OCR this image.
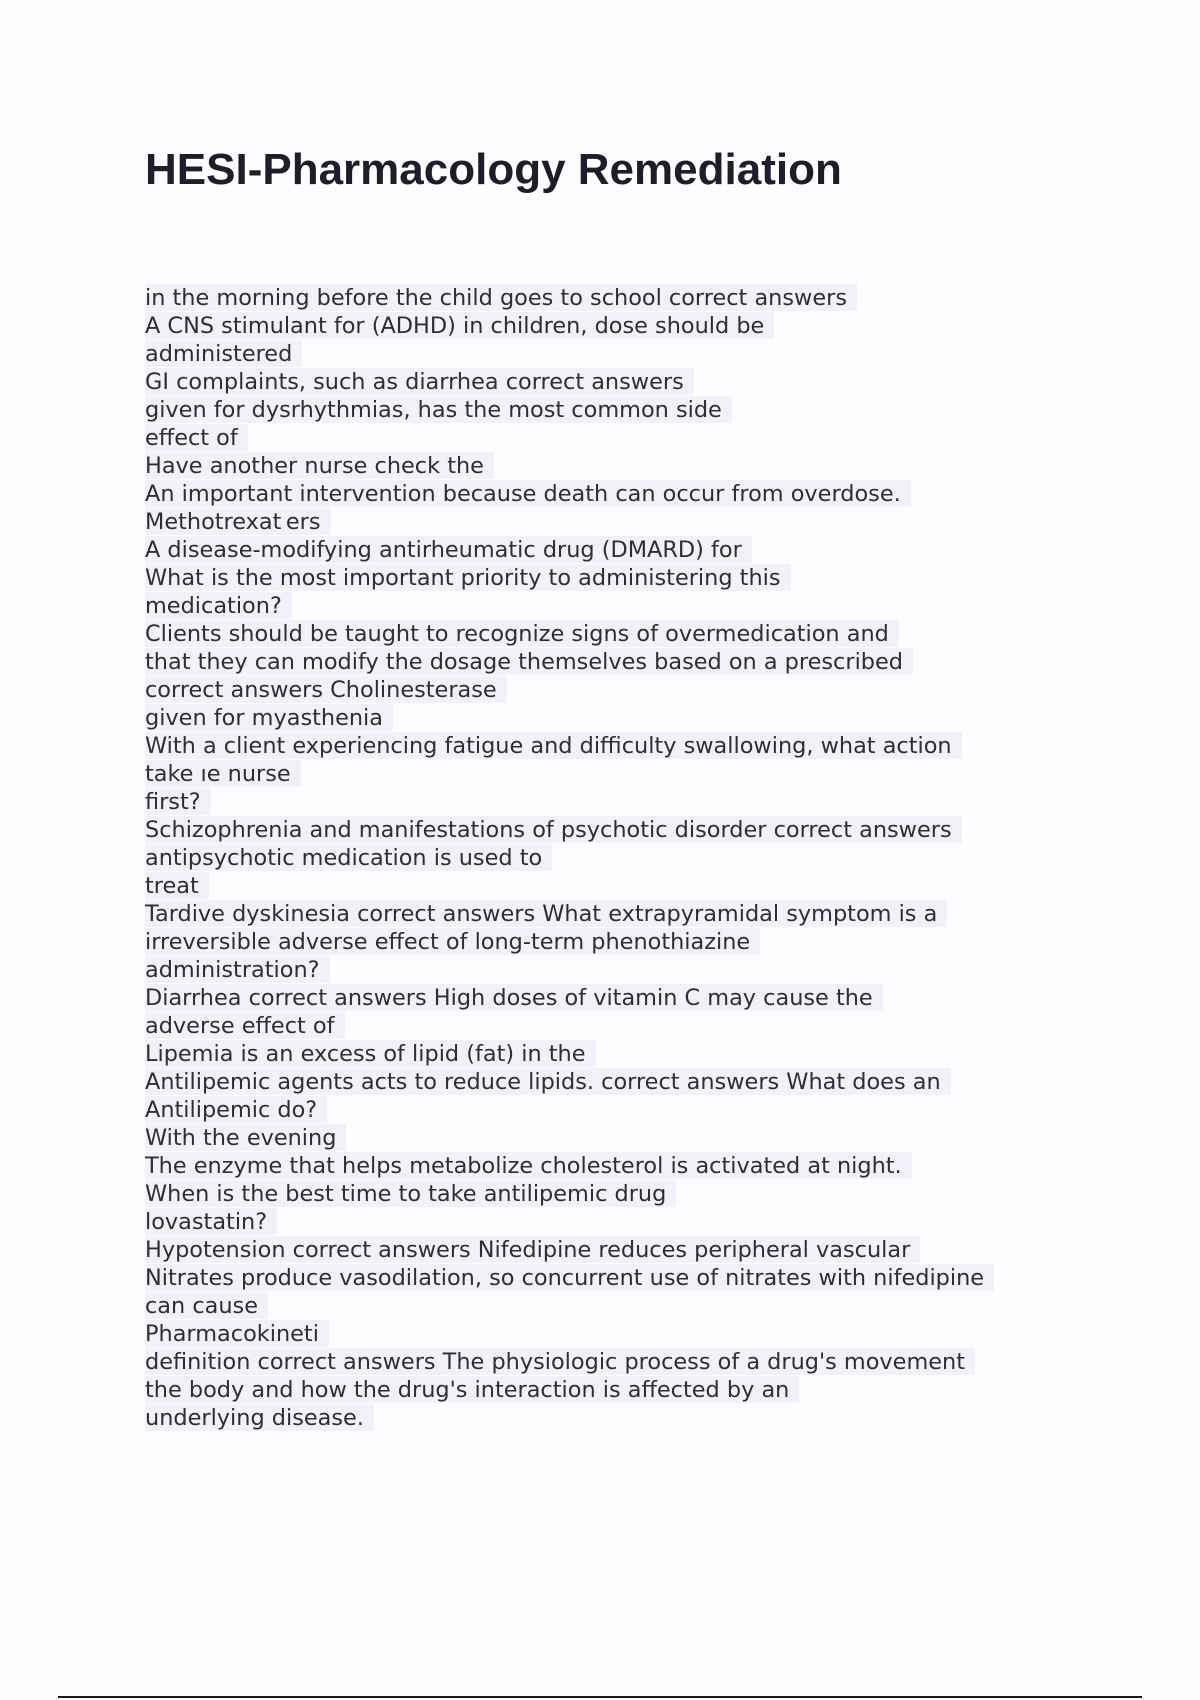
HESI-Pharmacology Remediation
in the morning before the child goes to school correct answers
A CNS stimulant for (ADHD) in children, dose should be
administered
GI complaints, such as diarrhea correct answers
given for dysrhythmias, has the most common side
effect of
Have another nurse check the
An important intervention because death can occur from overdose.
Methotrexat ers
A disease-modifying antirheumatic drug (DMARD) for
What is the most important priority to administering this
medication?
Clients should be taught to recognize signs of overmedication and
that they can modify the dosage themselves based on a prescribed
correct answers Cholinesterase
given for myasthenia
With a client experiencing fatigue and difficulty swallowing, what action
take ıe nurse
first?
Schizophrenia and manifestations of psychotic disorder correct answers
antipsychotic medication is used to
treat
Tardive dyskinesia correct answers What extrapyramidal symptom is a
irreversible adverse effect of long-term phenothiazine
administration?
Diarrhea correct answers High doses of vitamin C may cause the
adverse effect of
Lipemia is an excess of lipid (fat) in the
Antilipemic agents acts to reduce lipids. correct answers What does an
Antilipemic do?
With the evening
The enzyme that helps metabolize cholesterol is activated at night.
When is the best time to take antilipemic drug
lovastatin?
Hypotension correct answers Nifedipine reduces peripheral vascular
Nitrates produce vasodilation, so concurrent use of nitrates with nifedipine
can cause
Pharmacokineti
definition correct answers The physiologic process of a drug's movement
the body and how the drug's interaction is affected by an
underlying disease.
